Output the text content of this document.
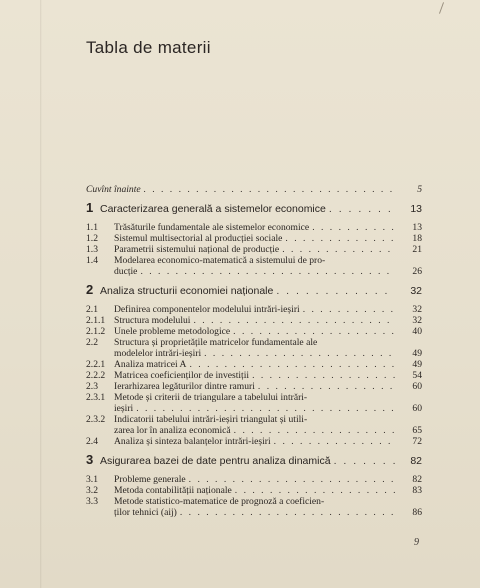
Tabla de materii
Cuvînt înainte . . .	5
1 Caracterizarea generală a sistemelor economice . . .	13
1.1 Trăsăturile fundamentale ale sistemelor economice . . .	13
1.2 Sistemul multisectorial al producției sociale . . .	18
1.3 Parametrii sistemului național de producție . . .	21
1.4 Modelarea economico-matematică a sistemului de pro-
ducție . . .	26
2 Analiza structurii economiei naționale . . .	32
2.1 Definirea componentelor modelului intrări-ieșiri . . .	32
2.1.1 Structura modelului . . .	32
2.1.2 Unele probleme metodologice . . .	40
2.2 Structura și proprietățile matricelor fundamentale ale
modelelor intrări-ieșiri . . .	49
2.2.1 Analiza matricei A . . .	49
2.2.2 Matricea coeficienților de investiții . . .	54
2.3 Ierarhizarea legăturilor dintre ramuri . . .	60
2.3.1 Metode și criterii de triangulare a tabelului intrări-
ieșiri . . .	60
2.3.2 Indicatorii tabelului intrări-ieșiri triangulat și utili-
zarea lor în analiza economică . . .	65
2.4 Analiza și sinteza balanțelor intrări-ieșiri . . .	72
3 Asigurarea bazei de date pentru analiza dinamică . . .	82
3.1 Probleme generale . . .	82
3.2 Metoda contabilității naționale . . .	83
3.3 Metode statistico-matematice de prognoză a coeficien-
ților tehnici (aij) . . .	86
9
